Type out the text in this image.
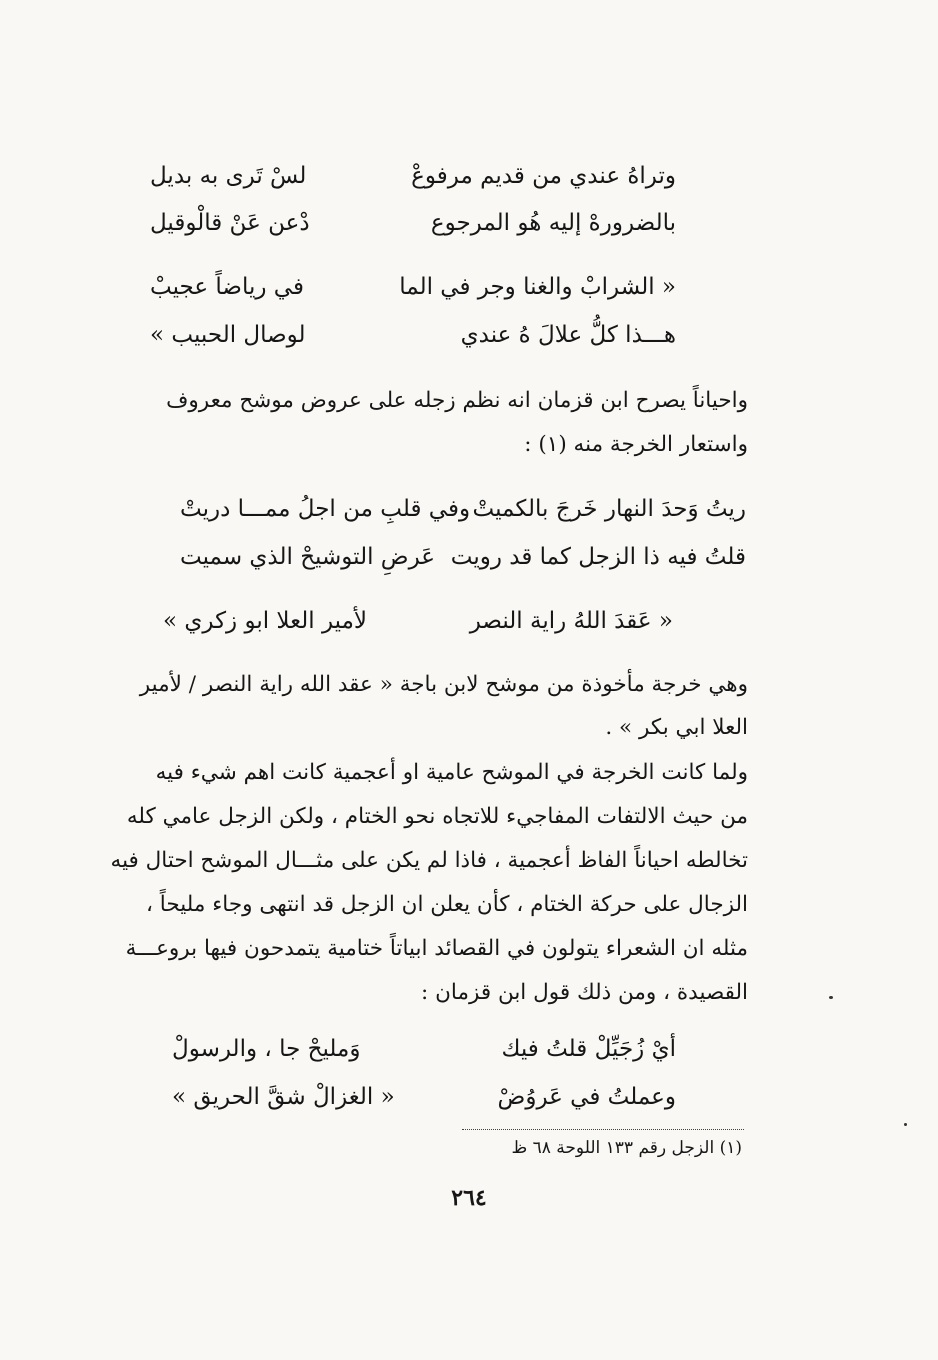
وتراهُ عندي من قديم مرفوعْ
لسْ تَرى به بديل
بالضرورهْ إليه هُو المرجوع
دْعن عَنْ قالْوقيل
« الشرابْ والغنا وجر في الما
في رياضاً عجيبْ
هـــذا كلُّ علالَ هُ عندي
لوصال الحبيب »
واحياناً يصرح ابن قزمان انه نظم زجله على عروض موشح معروف
واستعار الخرجة منه (١) :
ريتُ وَحدَ النهار خَرجَ بالكميتْ
وفي قلبِ من اجلُ ممـــا دريتْ
قلتُ فيه ذا الزجل كما قد رويت
عَرضِ التوشيحْ الذي سميت
« عَقدَ اللهُ راية النصر
لأمير العلا ابو زكري »
وهي خرجة مأخوذة من موشح لابن باجة « عقد الله راية النصر / لأمير
العلا ابي بكر » .
ولما كانت الخرجة في الموشح عامية او أعجمية كانت اهم شيء فيه
من حيث الالتفات المفاجيء للاتجاه نحو الختام ، ولكن الزجل عامي كله
تخالطه احياناً الفاظ أعجمية ، فاذا لم يكن على مثـــال الموشح احتال فيه
الزجال على حركة الختام ، كأن يعلن ان الزجل قد انتهى وجاء مليحاً ،
مثله ان الشعراء يتولون في القصائد ابياتاً ختامية يتمدحون فيها بروعـــة
القصيدة ، ومن ذلك قول ابن قزمان :
أيْ زُجَيِّلْ قلتُ فيك
وَمليحْ جا ، والرسولْ
وعملتُ في عَروُضْ
« الغزالْ شقَّ الحريق »
(١) الزجل رقم ١٣٣ اللوحة ٦٨ ظ
٢٦٤
